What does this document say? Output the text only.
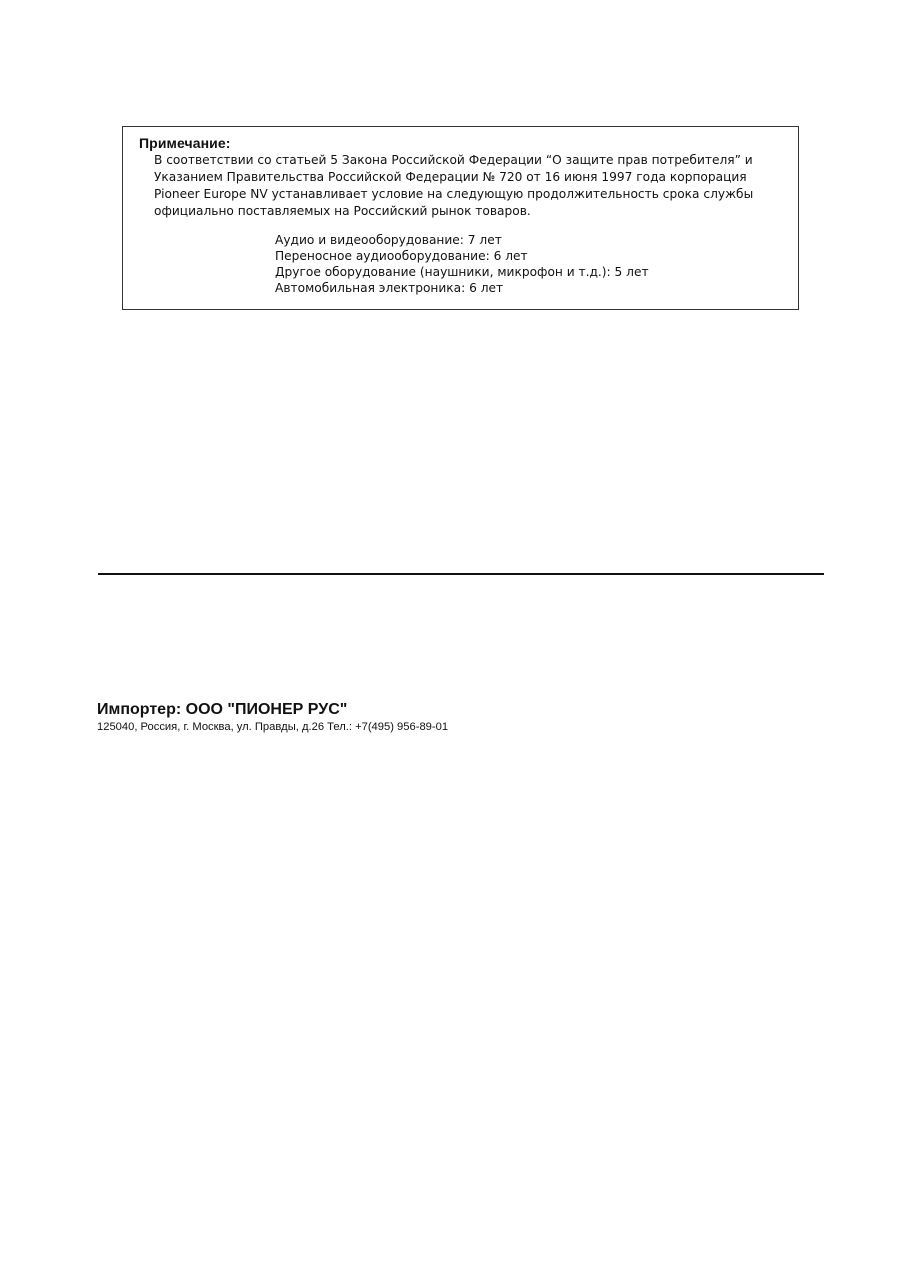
Примечание:
В соответствии со статьей 5 Закона Российской Федерации “О защите прав потребителя” и
Указанием Правительства Российской Федерации № 720 от 16 июня 1997 года корпорация
Pioneer Europe NV устанавливает условие на следующую продолжительность срока службы
официально поставляемых на Российский рынок товаров.
Аудио и видеооборудование: 7 лет
Переносное аудиооборудование: 6 лет
Другое оборудование (наушники, микрофон и т.д.): 5 лет
Автомобильная электроника: 6 лет
Импортер: ООО "ПИОНЕР РУС"
125040, Россия, г. Москва, ул. Правды, д.26 Тел.: +7(495) 956-89-01
